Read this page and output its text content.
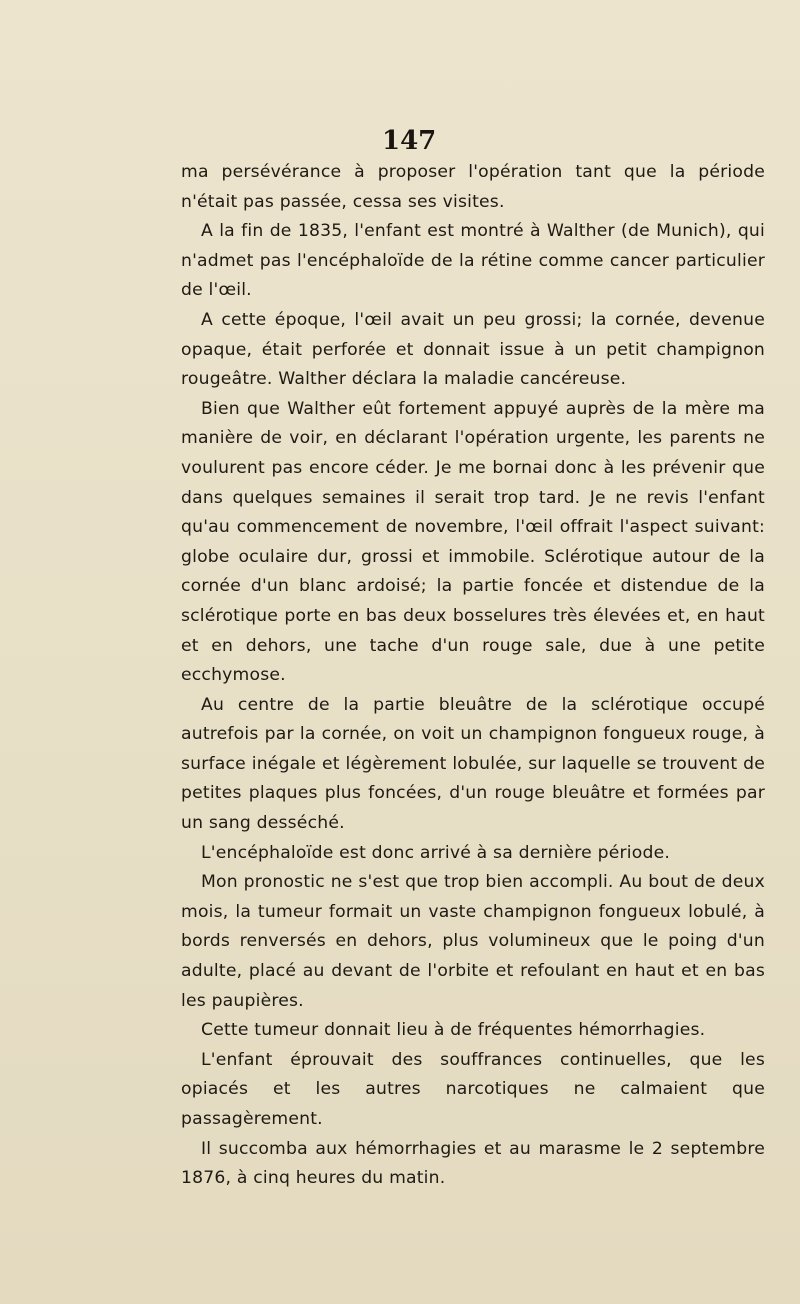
147

ma persévérance à proposer l'opération tant que la période n'était pas passée, cessa ses visites.

A la fin de 1835, l'enfant est montré à Walther (de Munich), qui n'admet pas l'encéphaloïde de la rétine comme cancer particulier de l'œil.

A cette époque, l'œil avait un peu grossi; la cornée, devenue opaque, était perforée et donnait issue à un petit champignon rougeâtre. Walther déclara la maladie cancéreuse.

Bien que Walther eût fortement appuyé auprès de la mère ma manière de voir, en déclarant l'opération urgente, les parents ne voulurent pas encore céder. Je me bornai donc à les prévenir que dans quelques semaines il serait trop tard. Je ne revis l'enfant qu'au commencement de novembre, l'œil offrait l'aspect suivant: globe oculaire dur, grossi et immobile. Sclérotique autour de la cornée d'un blanc ardoisé; la partie foncée et distendue de la sclérotique porte en bas deux bosselures très élevées et, en haut et en dehors, une tache d'un rouge sale, due à une petite ecchymose.

Au centre de la partie bleuâtre de la sclérotique occupé autrefois par la cornée, on voit un champignon fongueux rouge, à surface inégale et légèrement lobulée, sur laquelle se trouvent de petites plaques plus foncées, d'un rouge bleuâtre et formées par un sang desséché.

L'encéphaloïde est donc arrivé à sa dernière période.

Mon pronostic ne s'est que trop bien accompli. Au bout de deux mois, la tumeur formait un vaste champignon fongueux lobulé, à bords renversés en dehors, plus volumineux que le poing d'un adulte, placé au devant de l'orbite et refoulant en haut et en bas les paupières.

Cette tumeur donnait lieu à de fréquentes hémorrhagies.

L'enfant éprouvait des souffrances continuelles, que les opiacés et les autres narcotiques ne calmaient que passagèrement.

Il succomba aux hémorrhagies et au marasme le 2 septembre 1876, à cinq heures du matin.
